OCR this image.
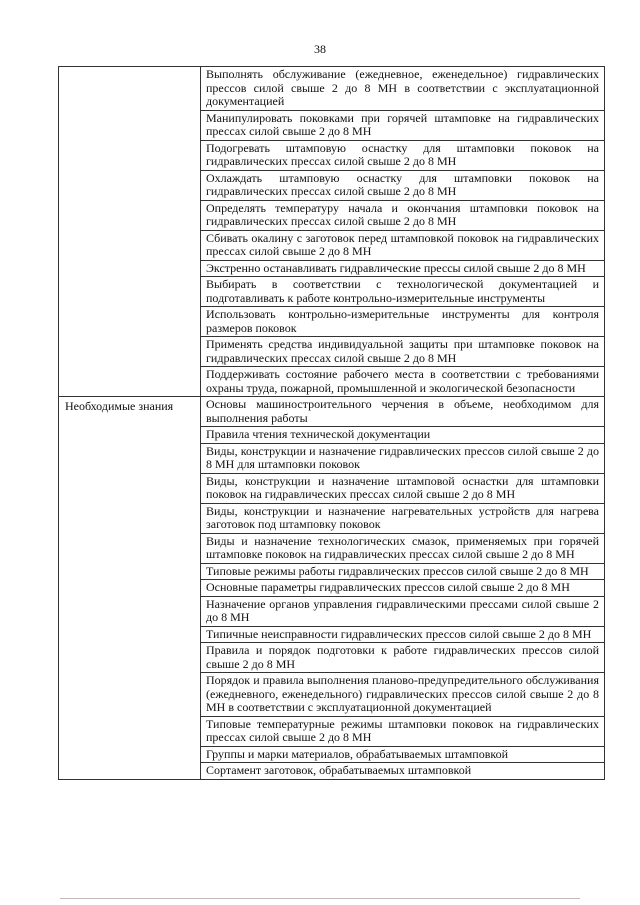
38
Выполнять обслуживание (ежедневное, еженедельное) гидравлических прессов силой свыше 2 до 8 МН в соответствии с эксплуатационной документацией
Манипулировать поковками при горячей штамповке на гидравлических прессах силой свыше 2 до 8 МН
Подогревать штамповую оснастку для штамповки поковок на гидравлических прессах силой свыше 2 до 8 МН
Охлаждать штамповую оснастку для штамповки поковок на гидравлических прессах силой свыше 2 до 8 МН
Определять температуру начала и окончания штамповки поковок на гидравлических прессах силой свыше 2 до 8 МН
Сбивать окалину с заготовок перед штамповкой поковок на гидравлических прессах силой свыше 2 до 8 МН
Экстренно останавливать гидравлические прессы силой свыше 2 до 8 МН
Выбирать в соответствии с технологической документацией и подготавливать к работе контрольно-измерительные инструменты
Использовать контрольно-измерительные инструменты для контроля размеров поковок
Применять средства индивидуальной защиты при штамповке поковок на гидравлических прессах силой свыше 2 до 8 МН
Поддерживать состояние рабочего места в соответствии с требованиями охраны труда, пожарной, промышленной и экологической безопасности
Необходимые знания	Основы машиностроительного черчения в объеме, необходимом для выполнения работы
Правила чтения технической документации
Виды, конструкции и назначение гидравлических прессов силой свыше 2 до 8 МН для штамповки поковок
Виды, конструкции и назначение штамповой оснастки для штамповки поковок на гидравлических прессах силой свыше 2 до 8 МН
Виды, конструкции и назначение нагревательных устройств для нагрева заготовок под штамповку поковок
Виды и назначение технологических смазок, применяемых при горячей штамповке поковок на гидравлических прессах силой свыше 2 до 8 МН
Типовые режимы работы гидравлических прессов силой свыше 2 до 8 МН
Основные параметры гидравлических прессов силой свыше 2 до 8 МН
Назначение органов управления гидравлическими прессами силой свыше 2 до 8 МН
Типичные неисправности гидравлических прессов силой свыше 2 до 8 МН
Правила и порядок подготовки к работе гидравлических прессов силой свыше 2 до 8 МН
Порядок и правила выполнения планово-предупредительного обслуживания (ежедневного, еженедельного) гидравлических прессов силой свыше 2 до 8 МН в соответствии с эксплуатационной документацией
Типовые температурные режимы штамповки поковок на гидравлических прессах силой свыше 2 до 8 МН
Группы и марки материалов, обрабатываемых штамповкой
Сортамент заготовок, обрабатываемых штамповкой
